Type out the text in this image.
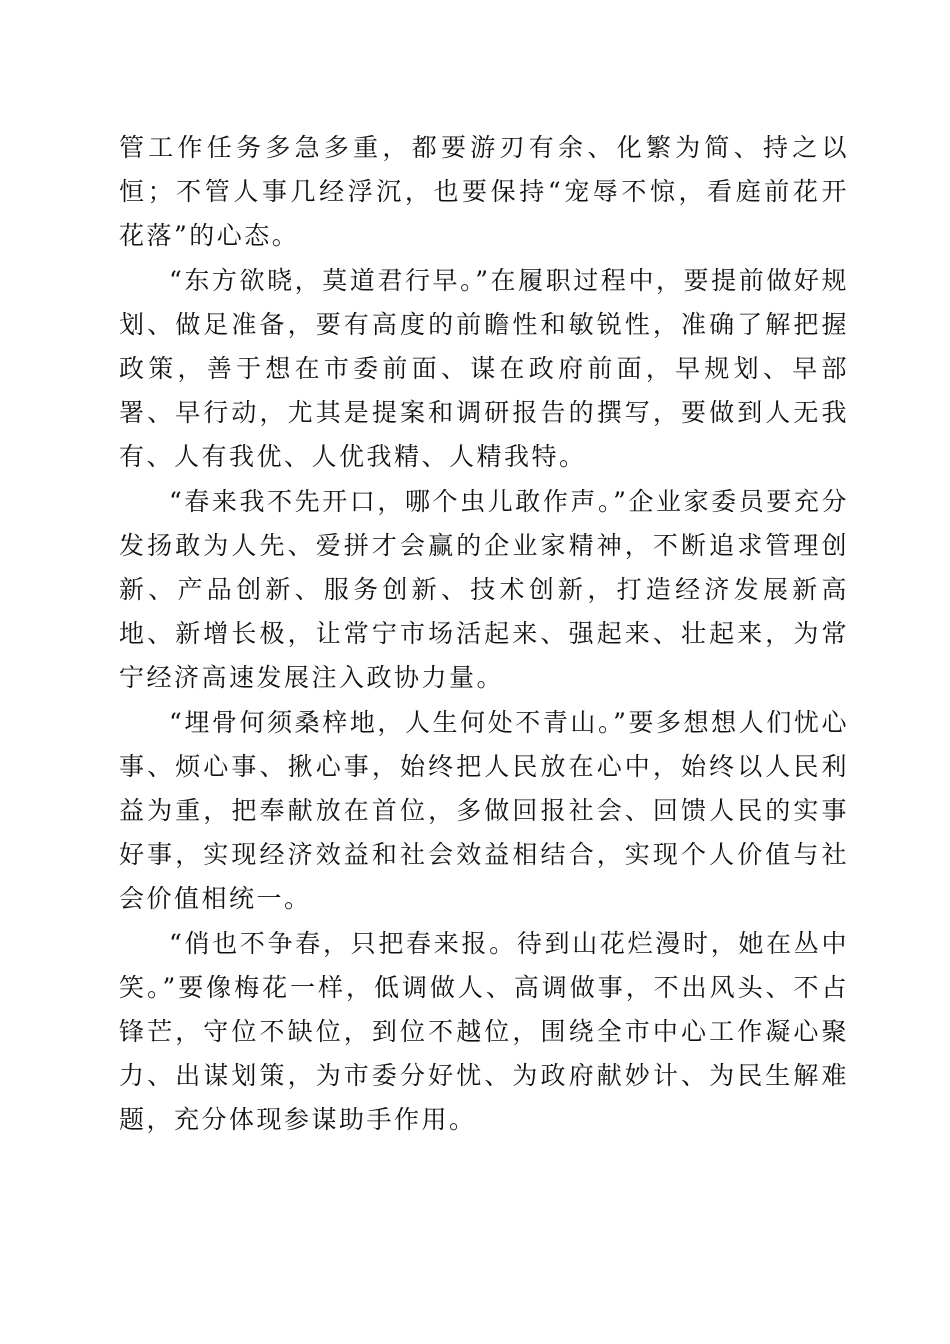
管工作任务多急多重，都要游刃有余、化繁为简、持之以恒；不管人事几经浮沉，也要保持“宠辱不惊，看庭前花开花落”的心态。

“东方欲晓，莫道君行早。”在履职过程中，要提前做好规划、做足准备，要有高度的前瞻性和敏锐性，准确了解把握政策，善于想在市委前面、谋在政府前面，早规划、早部署、早行动，尤其是提案和调研报告的撰写，要做到人无我有、人有我优、人优我精、人精我特。

“春来我不先开口，哪个虫儿敢作声。”企业家委员要充分发扬敢为人先、爱拼才会赢的企业家精神，不断追求管理创新、产品创新、服务创新、技术创新，打造经济发展新高地、新增长极，让常宁市场活起来、强起来、壮起来，为常宁经济高速发展注入政协力量。

“埋骨何须桑梓地，人生何处不青山。”要多想想人们忧心事、烦心事、揪心事，始终把人民放在心中，始终以人民利益为重，把奉献放在首位，多做回报社会、回馈人民的实事好事，实现经济效益和社会效益相结合，实现个人价值与社会价值相统一。

“俏也不争春，只把春来报。待到山花烂漫时，她在丛中笑。”要像梅花一样，低调做人、高调做事，不出风头、不占锋芒，守位不缺位，到位不越位，围绕全市中心工作凝心聚力、出谋划策，为市委分好忧、为政府献妙计、为民生解难题，充分体现参谋助手作用。
